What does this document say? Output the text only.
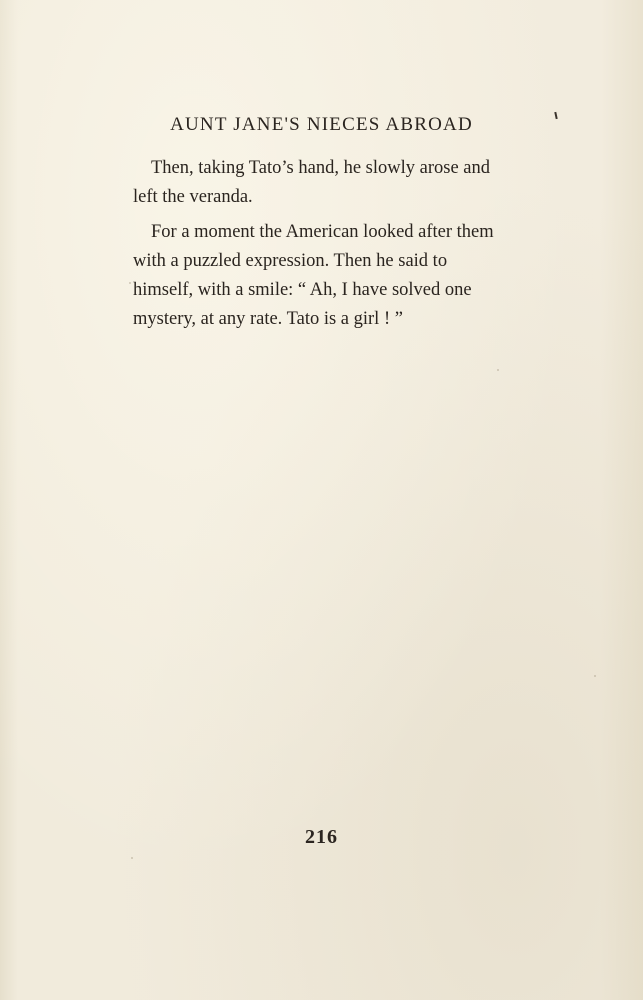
AUNT JANE'S NIECES ABROAD

Then, taking Tato’s hand, he slowly arose and
left the veranda.

For a moment the American looked after them
with a puzzled expression. Then he said to
himself, with a smile: “ Ah, I have solved one
mystery, at any rate. Tato is a girl ! ”

216
